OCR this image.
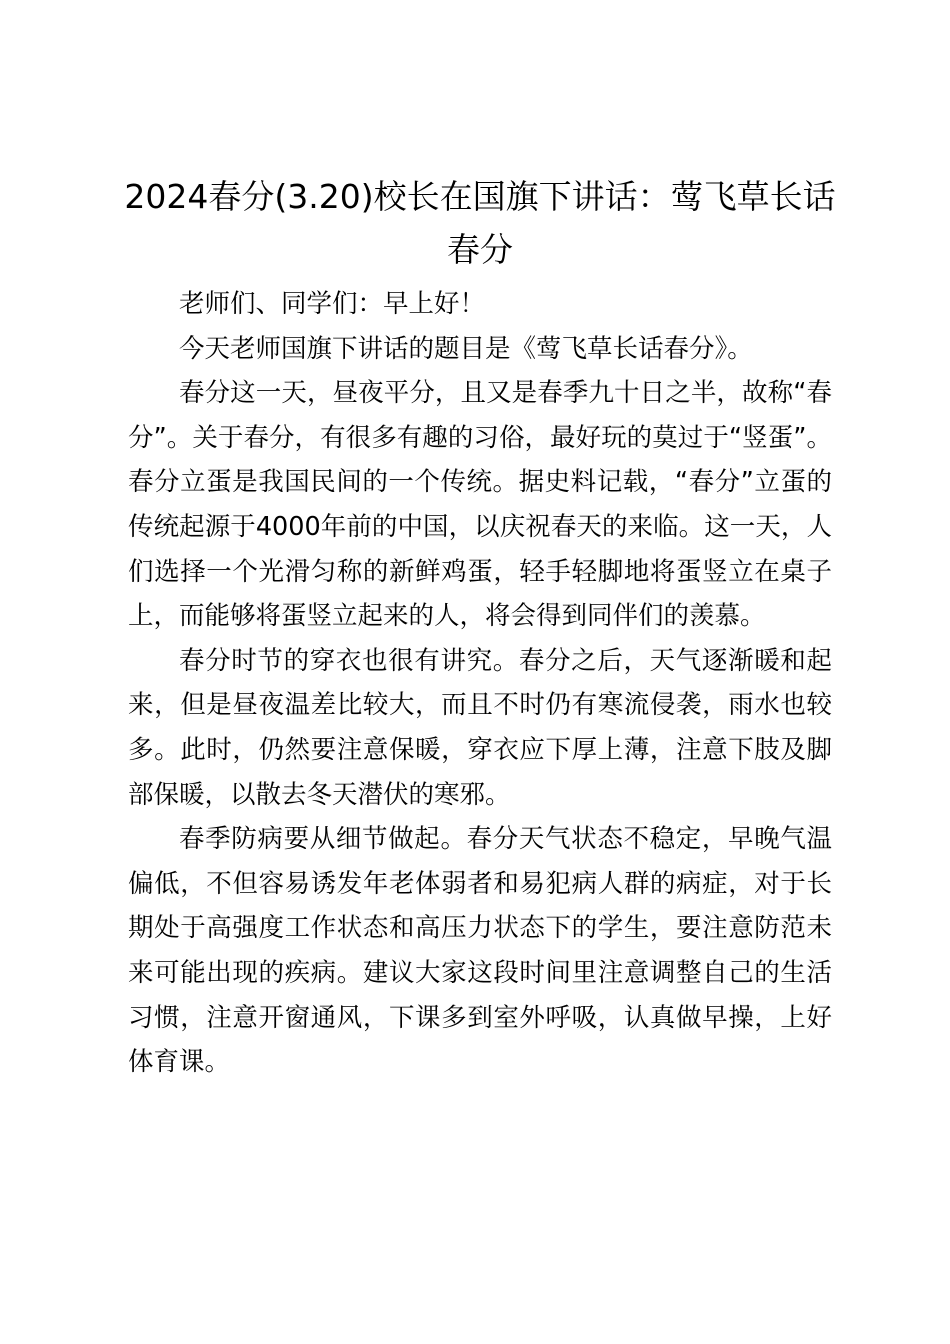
2024春分(3.20)校长在国旗下讲话：莺飞草长话春分

老师们、同学们：早上好！

今天老师国旗下讲话的题目是《莺飞草长话春分》。

春分这一天，昼夜平分，且又是春季九十日之半，故称“春分”。关于春分，有很多有趣的习俗，最好玩的莫过于“竖蛋”。春分立蛋是我国民间的一个传统。据史料记载，“春分”立蛋的传统起源于4000年前的中国，以庆祝春天的来临。这一天，人们选择一个光滑匀称的新鲜鸡蛋，轻手轻脚地将蛋竖立在桌子上，而能够将蛋竖立起来的人，将会得到同伴们的羡慕。

春分时节的穿衣也很有讲究。春分之后，天气逐渐暖和起来，但是昼夜温差比较大，而且不时仍有寒流侵袭，雨水也较多。此时，仍然要注意保暖，穿衣应下厚上薄，注意下肢及脚部保暖，以散去冬天潜伏的寒邪。

春季防病要从细节做起。春分天气状态不稳定，早晚气温偏低，不但容易诱发年老体弱者和易犯病人群的病症，对于长期处于高强度工作状态和高压力状态下的学生，要注意防范未来可能出现的疾病。建议大家这段时间里注意调整自己的生活习惯，注意开窗通风，下课多到室外呼吸，认真做早操，上好体育课。
